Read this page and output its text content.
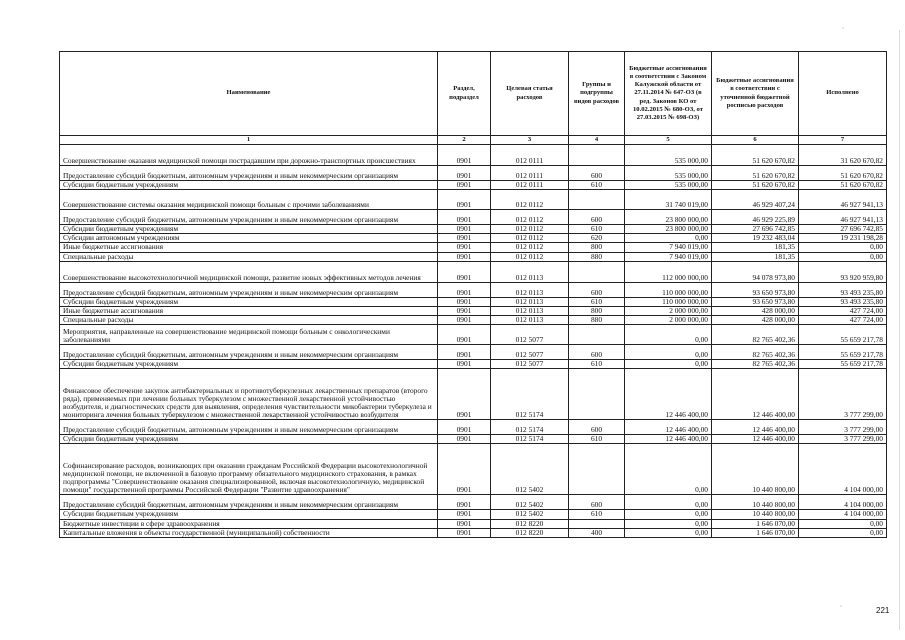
ˇ
ˇ
Наименование	Раздел, подраздел	Целевая статья расходов	Группы и подгруппы видов расходов	Бюджетные ассигнования в соответствии с Законом Калужской области от 27.11.2014 № 647-ОЗ (в ред. Законов КО от 10.02.2015 № 680-ОЗ, от 27.03.2015 № 698-ОЗ)	Бюджетные ассигнования в соответствии с уточненной бюджетной росписью расходов	Исполнено
1	2	3	4	5	6	7
Совершенствование оказания медицинской помощи пострадавшим при дорожно-транспортных происшествиях	0901	012 0111		535 000,00	51 620 670,82	31 620 670,82
Предоставление субсидий бюджетным, автономным учреждениям и иным некоммерческим организациям	0901	012 0111	600	535 000,00	51 620 670,82	51 620 670,82
Субсидии бюджетным учреждениям	0901	012 0111	610	535 000,00	51 620 670,82	51 620 670,82
Совершенствование системы оказания медицинской помощи больным с прочими заболеваниями	0901	012 0112		31 740 019,00	46 929 407,24	46 927 941,13
Предоставление субсидий бюджетным, автономным учреждениям и иным некоммерческим организациям	0901	012 0112	600	23 800 000,00	46 929 225,89	46 927 941,13
Субсидии бюджетным учреждениям	0901	012 0112	610	23 800 000,00	27 696 742,85	27 696 742,85
Субсидии автономным учреждениям	0901	012 0112	620	0,00	19 232 483,04	19 231 198,28
Иные бюджетные ассигнования	0901	012 0112	800	7 940 019,00	181,35	0,00
Специальные расходы	0901	012 0112	880	7 940 019,00	181,35	0,00
Совершенствование высокотехнологичной медицинской помощи, развитие новых эффективных методов лечения	0901	012 0113		112 000 000,00	94 078 973,80	93 920 959,80
Предоставление субсидий бюджетным, автономным учреждениям и иным некоммерческим организациям	0901	012 0113	600	110 000 000,00	93 650 973,80	93 493 235,80
Субсидии бюджетным учреждениям	0901	012 0113	610	110 000 000,00	93 650 973,80	93 493 235,80
Иные бюджетные ассигнования	0901	012 0113	800	2 000 000,00	428 000,00	427 724,00
Специальные расходы	0901	012 0113	880	2 000 000,00	428 000,00	427 724,00
Мероприятия, направленные на совершенствование медицинской помощи больным с онкологическими заболеваниями	0901	012 5077		0,00	82 765 402,36	55 659 217,78
Предоставление субсидий бюджетным, автономным учреждениям и иным некоммерческим организациям	0901	012 5077	600	0,00	82 765 402,36	55 659 217,78
Субсидии бюджетным учреждениям	0901	012 5077	610	0,00	82 765 402,36	55 659 217,78
Финансовое обеспечение закупок антибактериальных и противотуберкулезных лекарственных препаратов (второго ряда), применяемых при лечении больных туберкулезом с множественной лекарственной устойчивостью возбудителя, и диагностических средств для выявления, определения чувствительности микобактерии туберкулеза и мониторинга лечения больных туберкулезом с множественной лекарственной устойчивостью возбудителя	0901	012 5174		12 446 400,00	12 446 400,00	3 777 299,00
Предоставление субсидий бюджетным, автономным учреждениям и иным некоммерческим организациям	0901	012 5174	600	12 446 400,00	12 446 400,00	3 777 299,00
Субсидии бюджетным учреждениям	0901	012 5174	610	12 446 400,00	12 446 400,00	3 777 299,00
Софинансирование расходов, возникающих при оказании гражданам Российской Федерации высокотехнологичной медицинской помощи, не включенной в базовую программу обязательного медицинского страхования, в рамках подпрограммы "Совершенствование оказания специализированной, включая высокотехнологичную, медицинской помощи" государственной программы Российской Федерации "Развитие здравоохранения"	0901	012 5402		0,00	10 440 800,00	4 104 000,00
Предоставление субсидий бюджетным, автономным учреждениям и иным некоммерческим организациям	0901	012 5402	600	0,00	10 440 800,00	4 104 000,00
Субсидии бюджетным учреждениям	0901	012 5402	610	0,00	10 440 800,00	4 104 000,00
Бюджетные инвестиции в сфере здравоохранения	0901	012 8220		0,00	1 646 070,00	0,00
Капитальные вложения в объекты государственной (муниципальной) собственности	0901	012 8220	400	0,00	1 646 070,00	0,00
221
